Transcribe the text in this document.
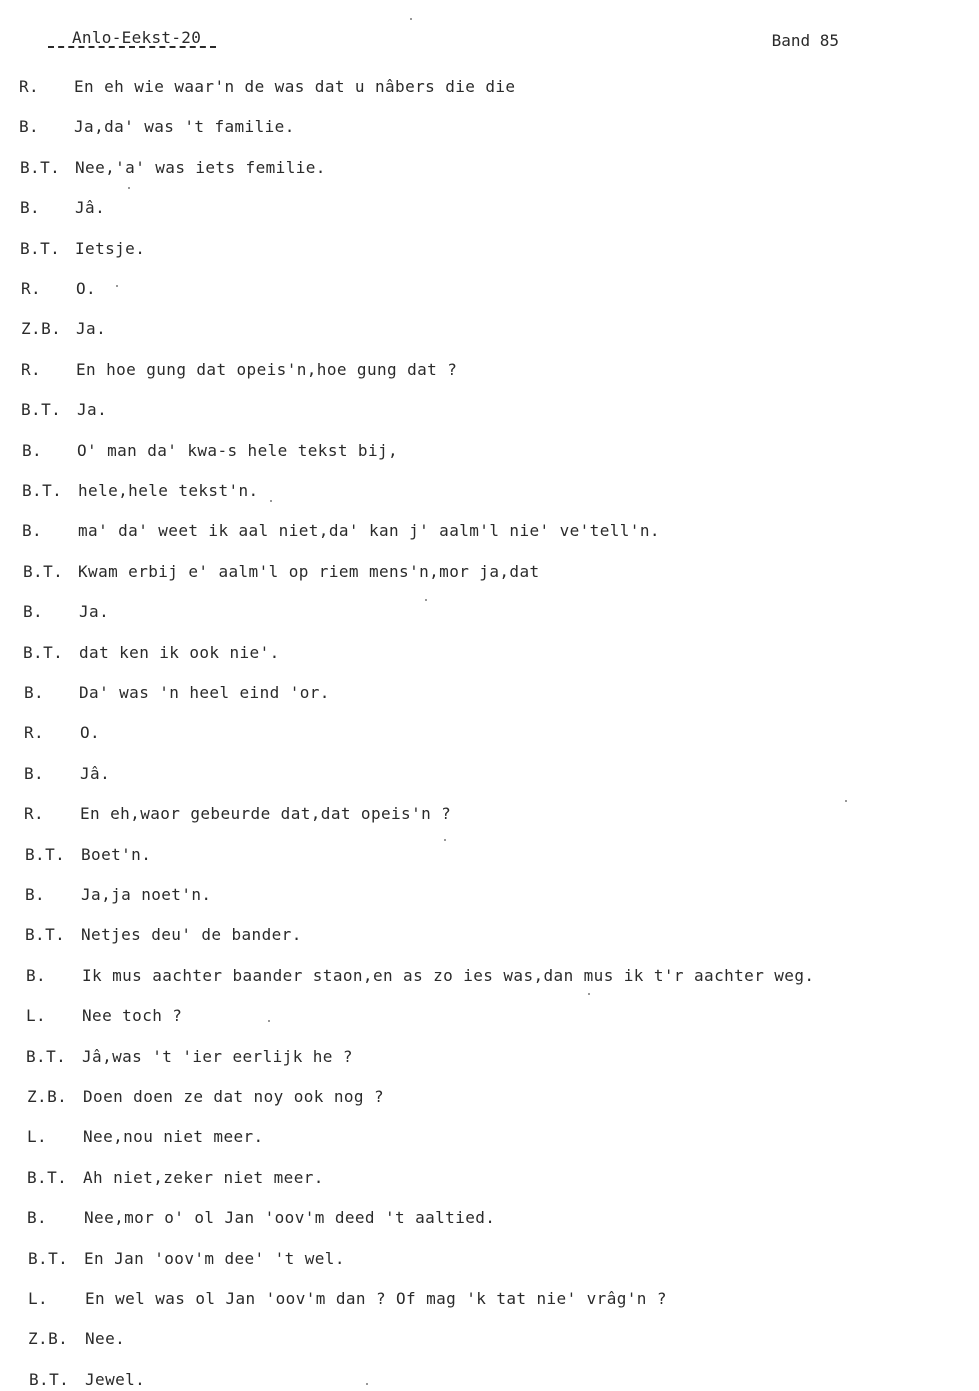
Anlo-Eekst-20	Band 85
R. En eh wie waar'n de was dat u nâbers die die
B. Ja,da' was 't familie.
B.T. Nee,'a' was iets femilie.
B. Jâ.
B.T. Ietsje.
R. O.
Z.B. Ja.
R. En hoe gung dat opeis'n,hoe gung dat ?
B.T. Ja.
B. O' man da' kwa-s hele tekst bij,
B.T. hele,hele tekst'n.
B. ma' da' weet ik aal niet,da' kan j' aalm'l nie' ve'tell'n.
B.T. Kwam erbij e' aalm'l op riem mens'n,mor ja,dat
B. Ja.
B.T. dat ken ik ook nie'.
B. Da' was 'n heel eind 'or.
R. O.
B. Jâ.
R. En eh,waor gebeurde dat,dat opeis'n ?
B.T. Boet'n.
B. Ja,ja noet'n.
B.T. Netjes deu' de bander.
B. Ik mus aachter baander staon,en as zo ies was,dan mus ik t'r aachter weg.
L. Nee toch ?
B.T. Jâ,was 't 'ier eerlijk he ?
Z.B. Doen doen ze dat noy ook nog ?
L. Nee,nou niet meer.
B.T. Ah niet,zeker niet meer.
B. Nee,mor o' ol Jan 'oov'm deed 't aaltied.
B.T. En Jan 'oov'm dee' 't wel.
L. En wel was ol Jan 'oov'm dan ? Of mag 'k tat nie' vrâg'n ?
Z.B. Nee.
B.T. Jewel.
